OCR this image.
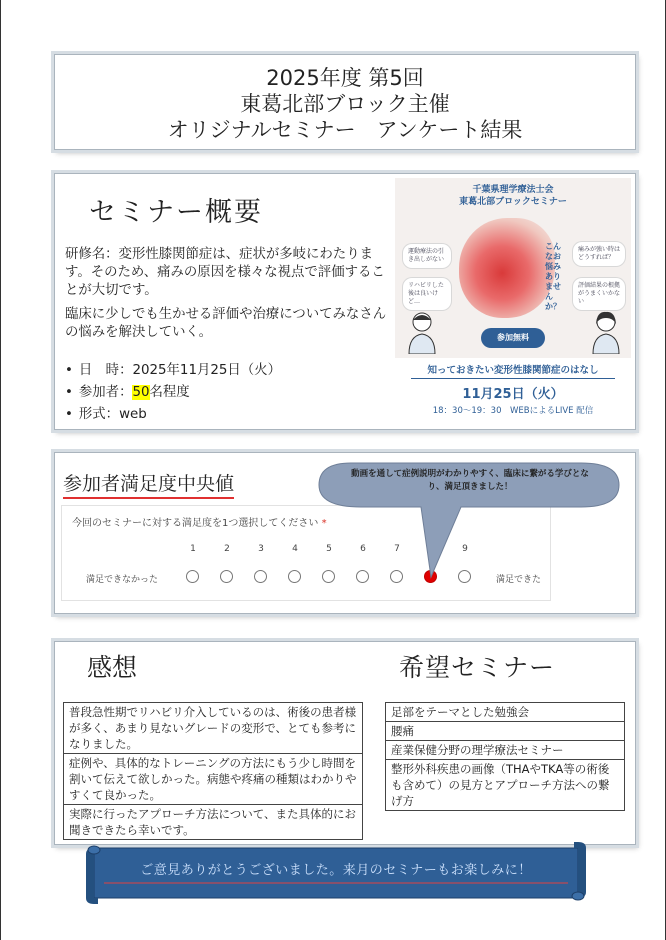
2025年度 第5回
東葛北部ブロック主催
オリジナルセミナー　アンケート結果
セミナー概要

研修名：変形性膝関節症は、症状が多岐にわたります。そのため、痛みの原因を様々な視点で評価することが大切です。

臨床に少しでも生かせる評価や治療についてみなさんの悩みを解決していく。

• 日　時：2025年11月25日（火）
• 参加者：50名程度
• 形式：web
千葉県理学療法士会
東葛北部ブロックセミナー
運動療法の引き出しがない
リハビリした後は良いけど…
痛みが強い時はどうすれば？
評価結果の根拠がうまくいかない
こんなお悩みありませんか？
参加無料
知っておきたい変形性膝関節症のはなし
11月25日（火）
18：30〜19：30　WEBによるLIVE 配信
参加者満足度中央値
今回のセミナーに対する満足度を1つ選択してください *
1	2	3	4	5	6	7	9
満足できなかった	満足できた
動画を通して症例説明がわかりやすく、臨床に繋がる学びとなり、満足頂きました！
感想	希望セミナー
普段急性期でリハビリ介入しているのは、術後の患者様が多く、あまり見ないグレードの変形で、とても参考になりました。
症例や、具体的なトレーニングの方法にもう少し時間を割いて伝えて欲しかった。病態や疼痛の種類はわかりやすくて良かった。
実際に行ったアプローチ方法について、また具体的にお聞きできたら幸いです。
足部をテーマとした勉強会
腰痛
産業保健分野の理学療法セミナー
整形外科疾患の画像（THAやTKA等の術後も含めて）の見方とアプローチ方法への繋げ方
ご意見ありがとうございました。来月のセミナーもお楽しみに！
